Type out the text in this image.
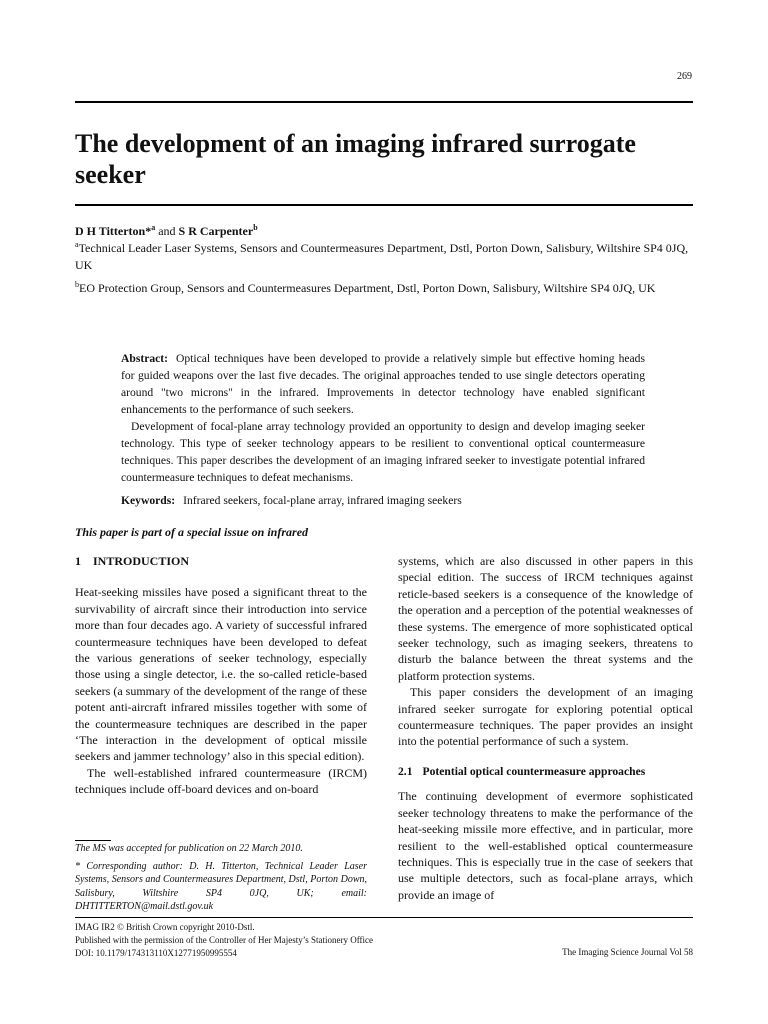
269
The development of an imaging infrared surrogate seeker
D H Titterton*$^a$ and S R Carpenter$^b$
$^a$Technical Leader Laser Systems, Sensors and Countermeasures Department, Dstl, Porton Down, Salisbury, Wiltshire SP4 0JQ, UK
$^b$EO Protection Group, Sensors and Countermeasures Department, Dstl, Porton Down, Salisbury, Wiltshire SP4 0JQ, UK

Abstract: Optical techniques have been developed to provide a relatively simple but effective homing heads for guided weapons over the last five decades. The original approaches tended to use single detectors operating around "two microns" in the infrared. Improvements in detector technology have enabled significant enhancements to the performance of such seekers.

Development of focal-plane array technology provided an opportunity to design and develop imaging seeker technology. This type of seeker technology appears to be resilient to conventional optical countermeasure techniques. This paper describes the development of an imaging infrared seeker to investigate potential infrared countermeasure techniques to defeat mechanisms.

Keywords: Infrared seekers, focal-plane array, infrared imaging seekers
This paper is part of a special issue on infrared
1 INTRODUCTION

Heat-seeking missiles have posed a significant threat to the survivability of aircraft since their introduction into service more than four decades ago. A variety of successful infrared countermeasure techniques have been developed to defeat the various generations of seeker technology, especially those using a single detector, i.e. the so-called reticle-based seekers (a summary of the development of the range of these potent anti-aircraft infrared missiles together with some of the countermeasure techniques are described in the paper ‘The interaction in the development of optical missile seekers and jammer technology’ also in this special edition).

The well-established infrared countermeasure (IRCM) techniques include off-board devices and on-board

systems, which are also discussed in other papers in this special edition. The success of IRCM techniques against reticle-based seekers is a consequence of the knowledge of the operation and a perception of the potential weaknesses of these systems. The emergence of more sophisticated optical seeker technology, such as imaging seekers, threatens to disturb the balance between the threat systems and the platform protection systems.

This paper considers the development of an imaging infrared seeker surrogate for exploring potential optical countermeasure techniques. The paper provides an insight into the potential performance of such a system.

2.1 Potential optical countermeasure approaches

The continuing development of evermore sophisticated seeker technology threatens to make the performance of the heat-seeking missile more effective, and in particular, more resilient to the well-established optical countermeasure techniques. This is especially true in the case of seekers that use multiple detectors, such as focal-plane arrays, which provide an image of

The MS was accepted for publication on 22 March 2010.
* Corresponding author: D. H. Titterton, Technical Leader Laser Systems, Sensors and Countermeasures Department, Dstl, Porton Down, Salisbury, Wiltshire SP4 0JQ, UK; email: DHTITTERTON@mail.dstl.gov.uk
IMAG IR2 © British Crown copyright 2010-Dstl.
Published with the permission of the Controller of Her Majesty’s Stationery Office
DOI: 10.1179/174313110X12771950995554	The Imaging Science Journal Vol 58
